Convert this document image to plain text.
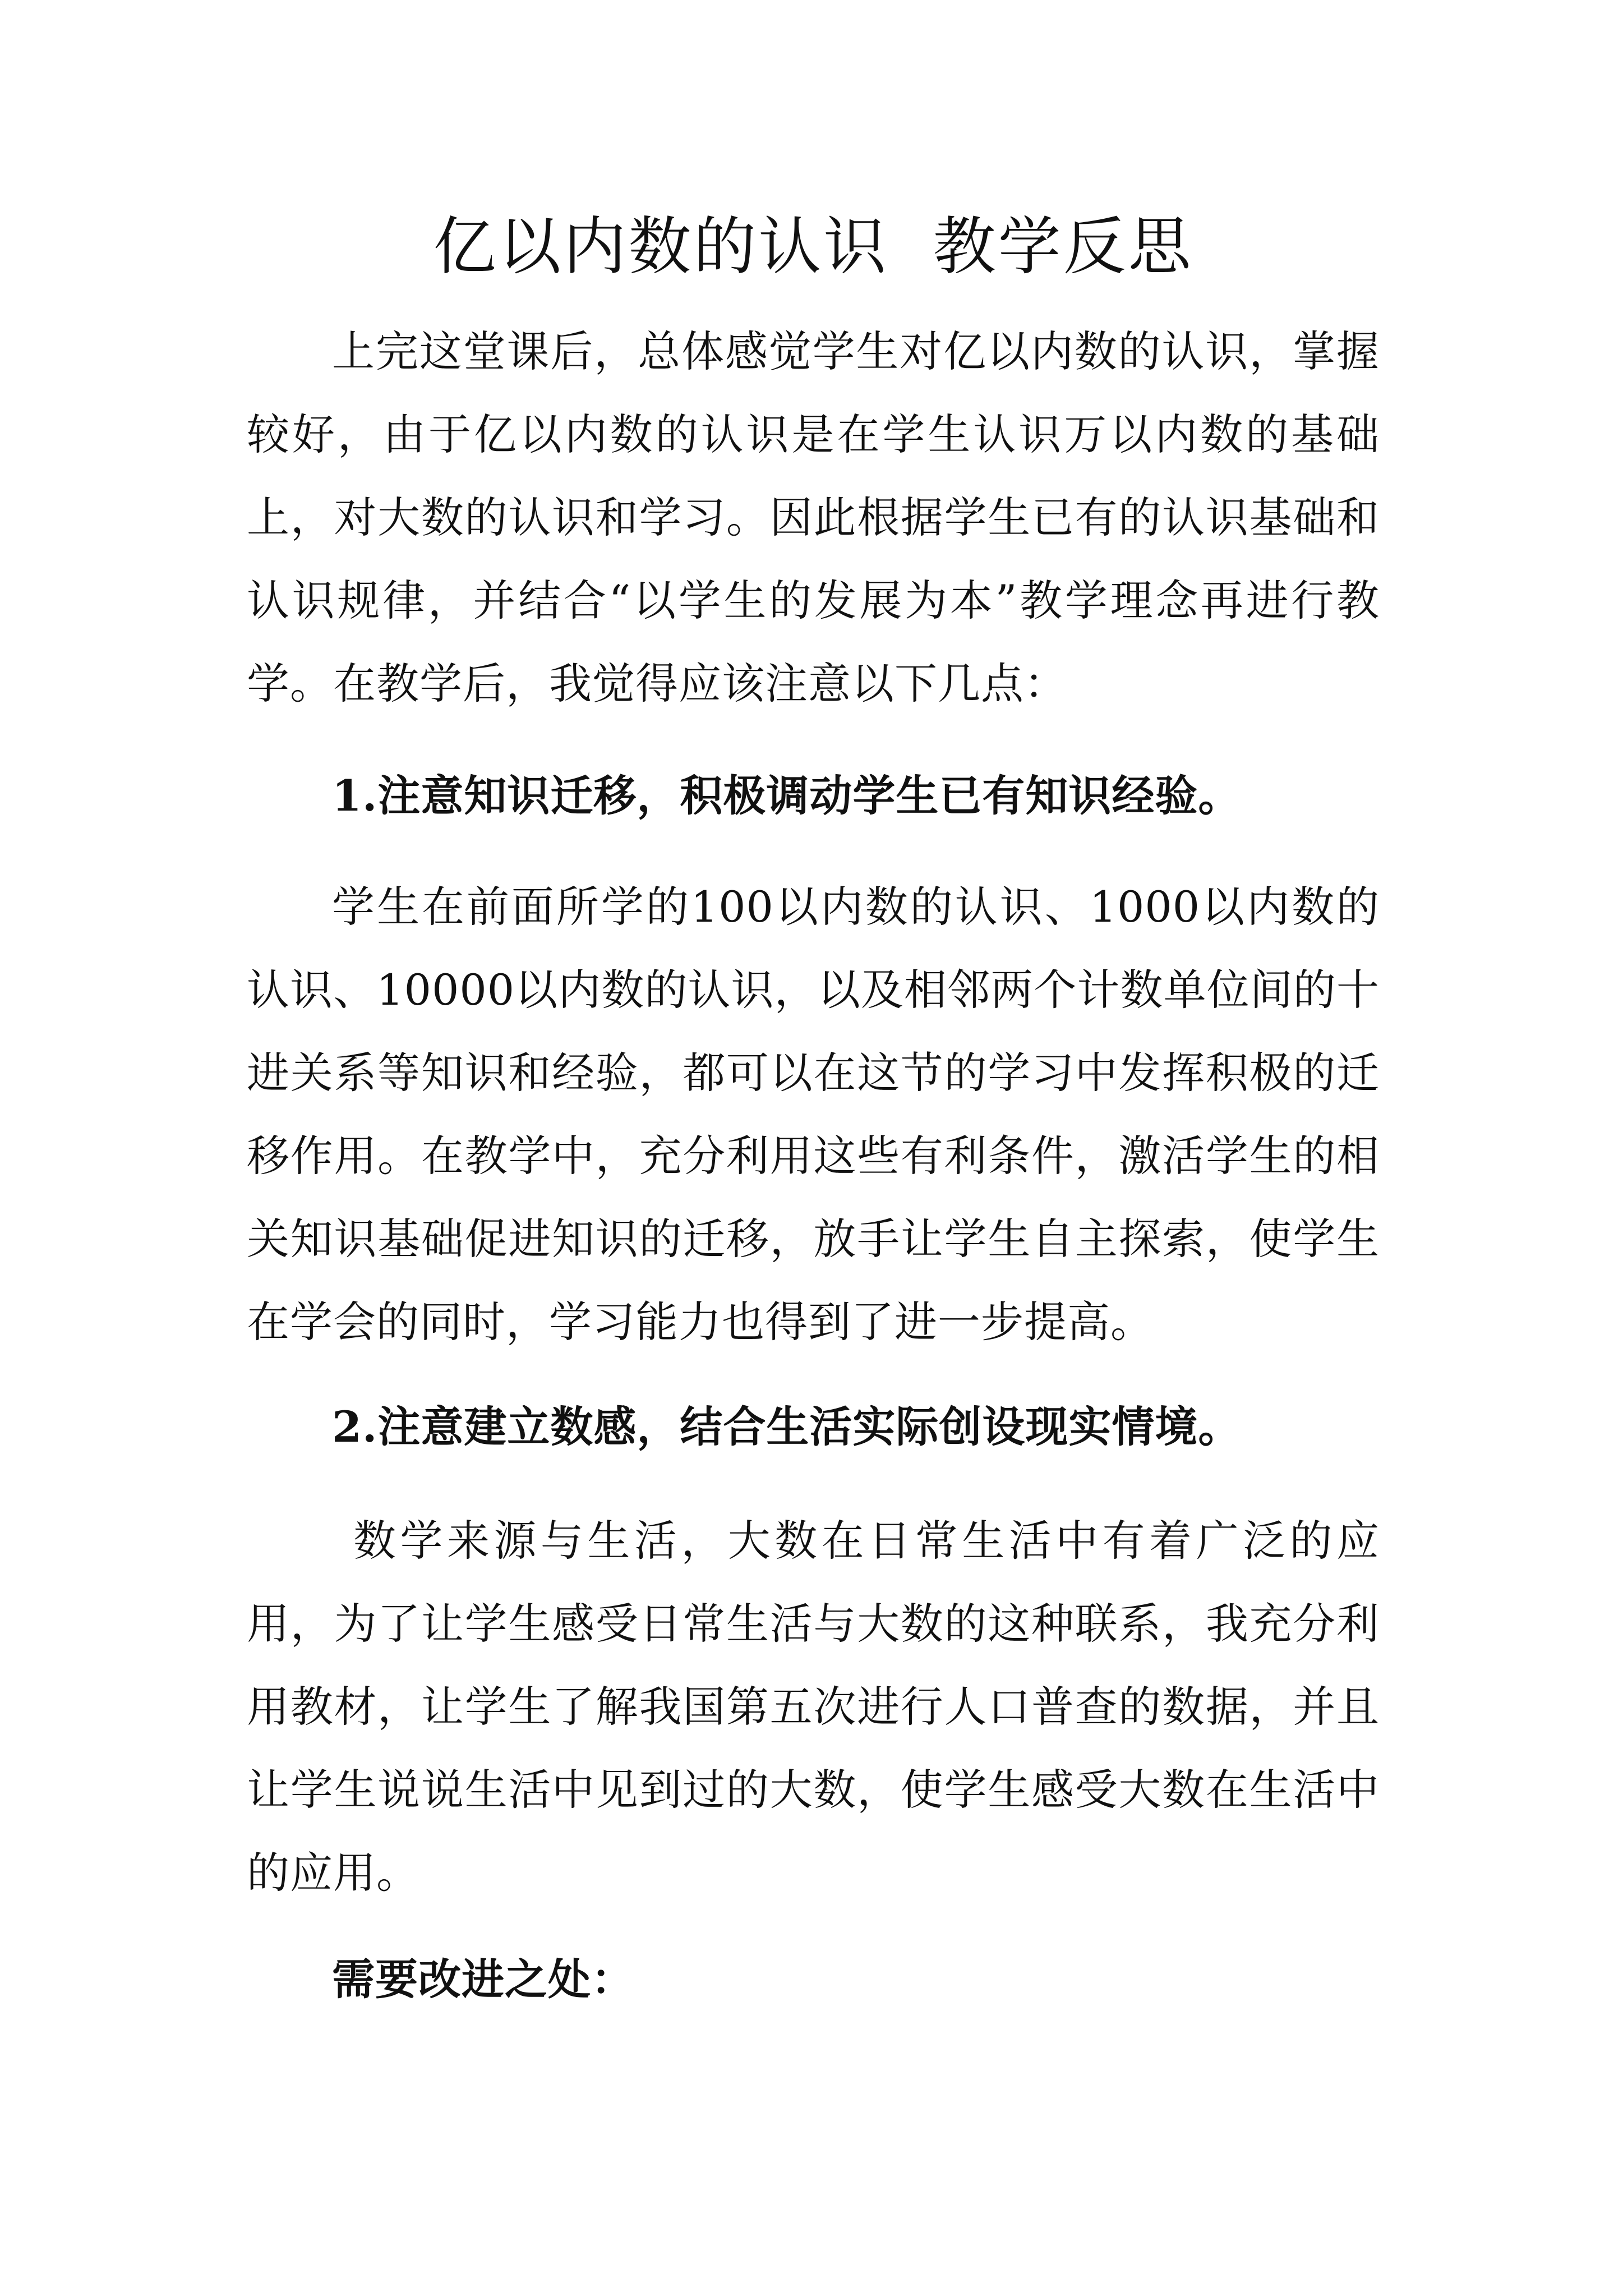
亿以内数的认识  教学反思

上完这堂课后，总体感觉学生对亿以内数的认识，掌握较好，由于亿以内数的认识是在学生认识万以内数的基础上，对大数的认识和学习。因此根据学生已有的认识基础和认识规律，并结合“以学生的发展为本”教学理念再进行教学。在教学后，我觉得应该注意以下几点：

1.注意知识迁移，积极调动学生已有知识经验。

学生在前面所学的100以内数的认识、1000以内数的认识、10000以内数的认识，以及相邻两个计数单位间的十进关系等知识和经验，都可以在这节的学习中发挥积极的迁移作用。在教学中，充分利用这些有利条件，激活学生的相关知识基础促进知识的迁移，放手让学生自主探索，使学生在学会的同时，学习能力也得到了进一步提高。

2.注意建立数感，结合生活实际创设现实情境。

数学来源与生活，大数在日常生活中有着广泛的应用，为了让学生感受日常生活与大数的这种联系，我充分利用教材，让学生了解我国第五次进行人口普查的数据，并且让学生说说生活中见到过的大数，使学生感受大数在生活中的应用。

需要改进之处：
